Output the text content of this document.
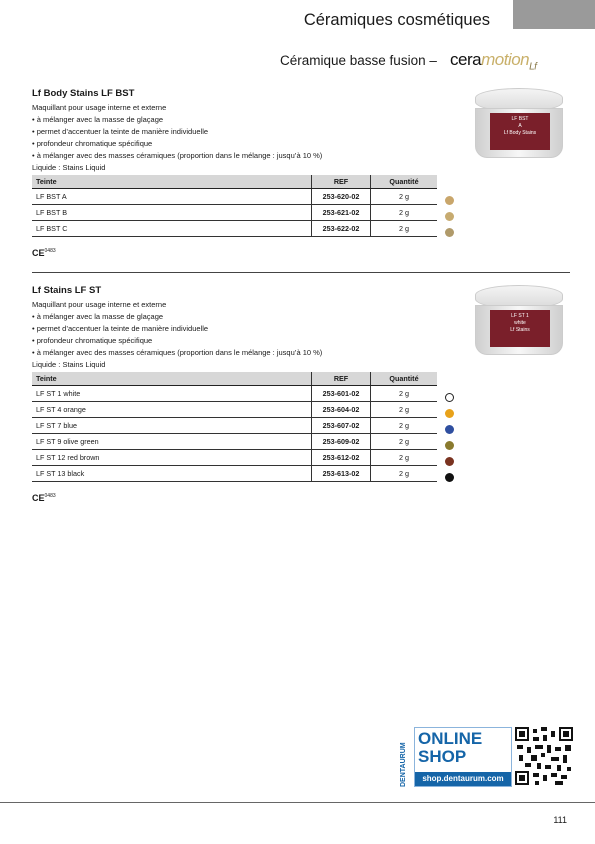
Céramiques cosmétiques
Céramique basse fusion – ceramotion$_{Lf}$
Lf Body Stains LF BST
Maquillant pour usage interne et externe
• à mélanger avec la masse de glaçage
• permet d’accentuer la teinte de manière individuelle
• profondeur chromatique spécifique
• à mélanger avec des masses céramiques (proportion dans le mélange : jusqu’à 10 %)
Liquide : Stains Liquid
Teinte	REF	Quantité
LF BST A	253-620-02	2 g
LF BST B	253-621-02	2 g
LF BST C	253-622-02	2 g
$CE^{0483}$
LF BST
A
Lf Body Stains
Lf Stains LF ST
Maquillant pour usage interne et externe
• à mélanger avec la masse de glaçage
• permet d’accentuer la teinte de manière individuelle
• profondeur chromatique spécifique
• à mélanger avec des masses céramiques (proportion dans le mélange : jusqu’à 10 %)
Liquide : Stains Liquid
Teinte	REF	Quantité
LF ST 1 white	253-601-02	2 g
LF ST 4 orange	253-604-02	2 g
LF ST 7 blue	253-607-02	2 g
LF ST 9 olive green	253-609-02	2 g
LF ST 12 red brown	253-612-02	2 g
LF ST 13 black	253-613-02	2 g
$CE^{0483}$
LF ST 1
white
Lf Stains
DENTAURUM
ONLINE
SHOP
shop.dentaurum.com
111
